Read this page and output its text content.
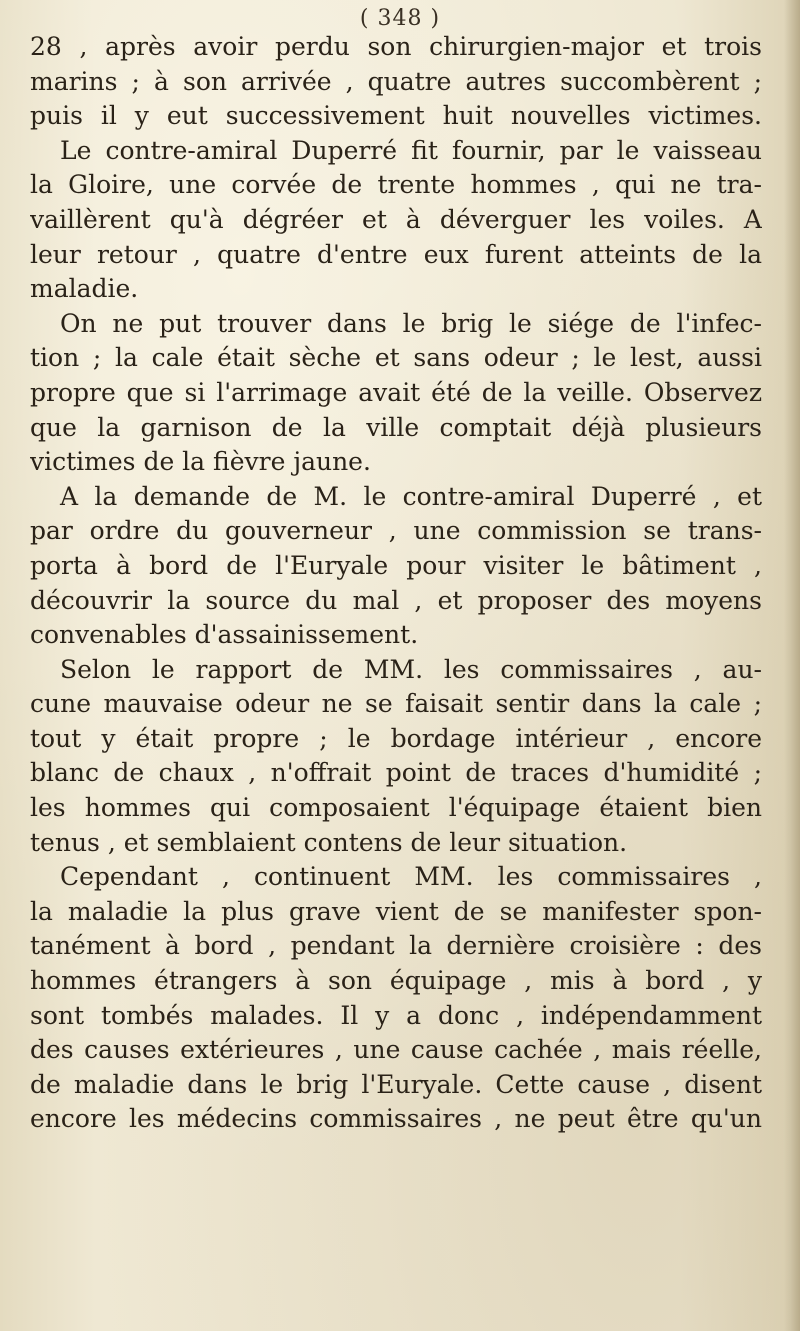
( 348 )
28 , après avoir perdu son chirurgien-major et trois
marins ; à son arrivée , quatre autres succombèrent ;
puis il y eut successivement huit nouvelles victimes.
Le contre-amiral Duperré fit fournir, par le vaisseau
la Gloire, une corvée de trente hommes , qui ne tra-
vaillèrent qu'à dégréer et à déverguer les voiles. A
leur retour , quatre d'entre eux furent atteints de la
maladie.
On ne put trouver dans le brig le siége de l'infec-
tion ; la cale était sèche et sans odeur ; le lest, aussi
propre que si l'arrimage avait été de la veille. Observez
que la garnison de la ville comptait déjà plusieurs
victimes de la fièvre jaune.
A la demande de M. le contre-amiral Duperré , et
par ordre du gouverneur , une commission se trans-
porta à bord de l'Euryale pour visiter le bâtiment ,
découvrir la source du mal , et proposer des moyens
convenables d'assainissement.
Selon le rapport de MM. les commissaires , au-
cune mauvaise odeur ne se faisait sentir dans la cale ;
tout y était propre ; le bordage intérieur , encore
blanc de chaux , n'offrait point de traces d'humidité ;
les hommes qui composaient l'équipage étaient bien
tenus , et semblaient contens de leur situation.
Cependant , continuent MM. les commissaires ,
la maladie la plus grave vient de se manifester spon-
tanément à bord , pendant la dernière croisière : des
hommes étrangers à son équipage , mis à bord , y
sont tombés malades. Il y a donc , indépendamment
des causes extérieures , une cause cachée , mais réelle,
de maladie dans le brig l'Euryale. Cette cause , disent
encore les médecins commissaires , ne peut être qu'un
